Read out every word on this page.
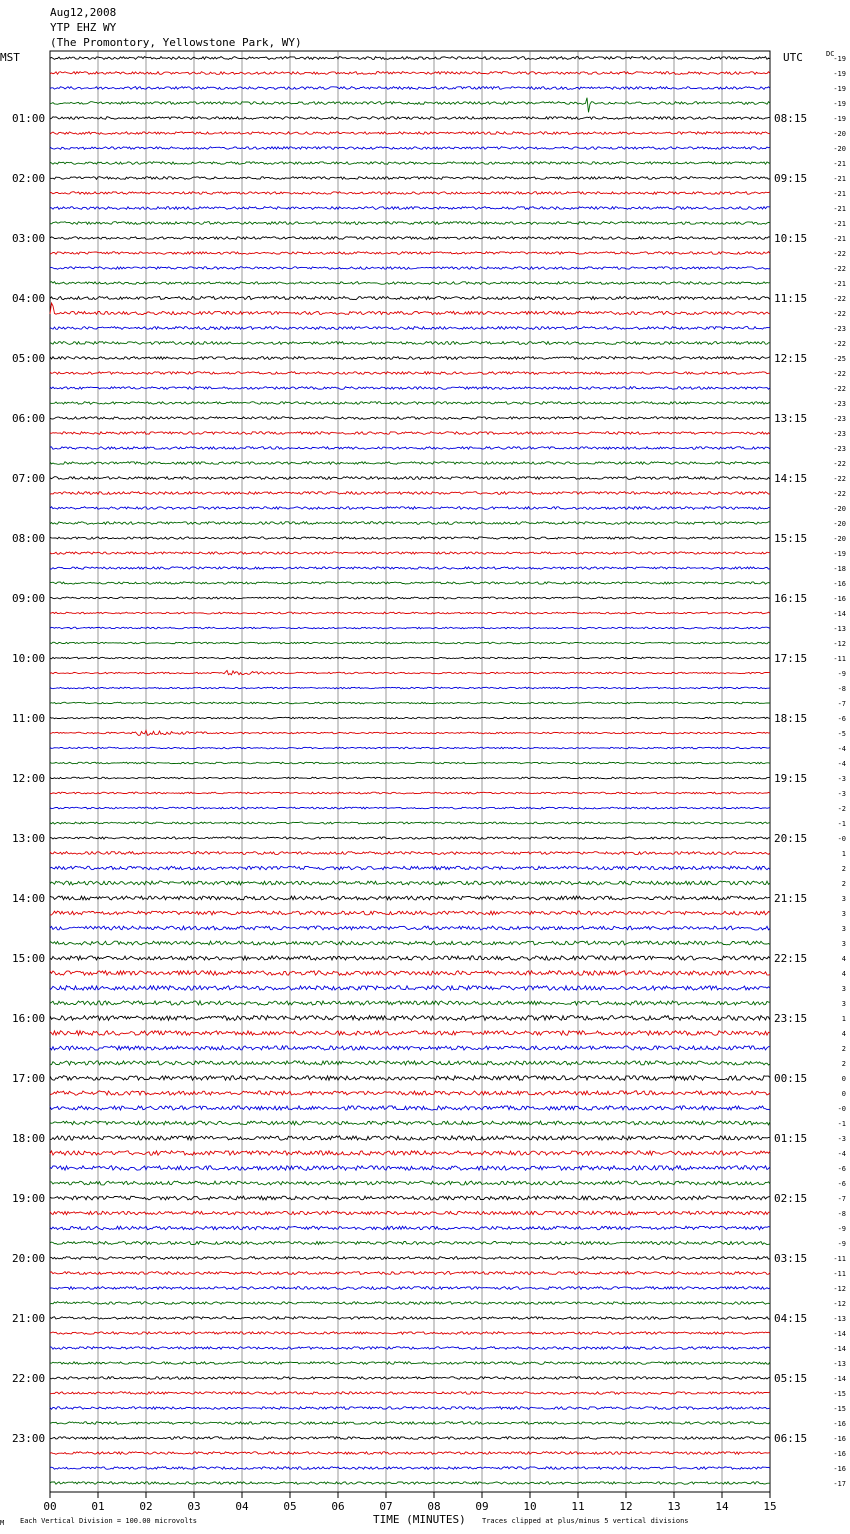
Aug12,2008
YTP EHZ WY
(The Promontory, Yellowstone Park, WY)
MST	UTC	DC
01:00
02:00
03:00
04:00
05:00
06:00
07:00
08:00
09:00
10:00
11:00
12:00
13:00
14:00
15:00
16:00
17:00
18:00
19:00
20:00
21:00
22:00
23:00
08:15
09:15
10:15
11:15
12:15
13:15
14:15
15:15
16:15
17:15
18:15
19:15
20:15
21:15
22:15
23:15
00:15
01:15
02:15
03:15
04:15
05:15
06:15
-19
-19
-19
-19
-19
-20
-20
-21
-21
-21
-21
-21
-21
-22
-22
-21
-22
-22
-23
-22
-25
-22
-22
-23
-23
-23
-23
-22
-22
-22
-20
-20
-20
-19
-18
-16
-16
-14
-13
-12
-11
-9
-8
-7
-6
-5
-4
-4
-3
-3
-2
-1
-0
1
2
2
3
3
3
3
4
4
3
3
1
4
2
2
0
0
-0
-1
-3
-4
-6
-6
-7
-8
-9
-9
-11
-11
-12
-12
-13
-14
-14
-13
-14
-15
-15
-16
-16
-16
-16
-17
00	01	02	03	04	05	06	07	08	09	10	11	12	13	14	15
M Each Vertical Division = 100.00 microvolts	TIME (MINUTES) Traces clipped at plus/minus 5 vertical divisions
